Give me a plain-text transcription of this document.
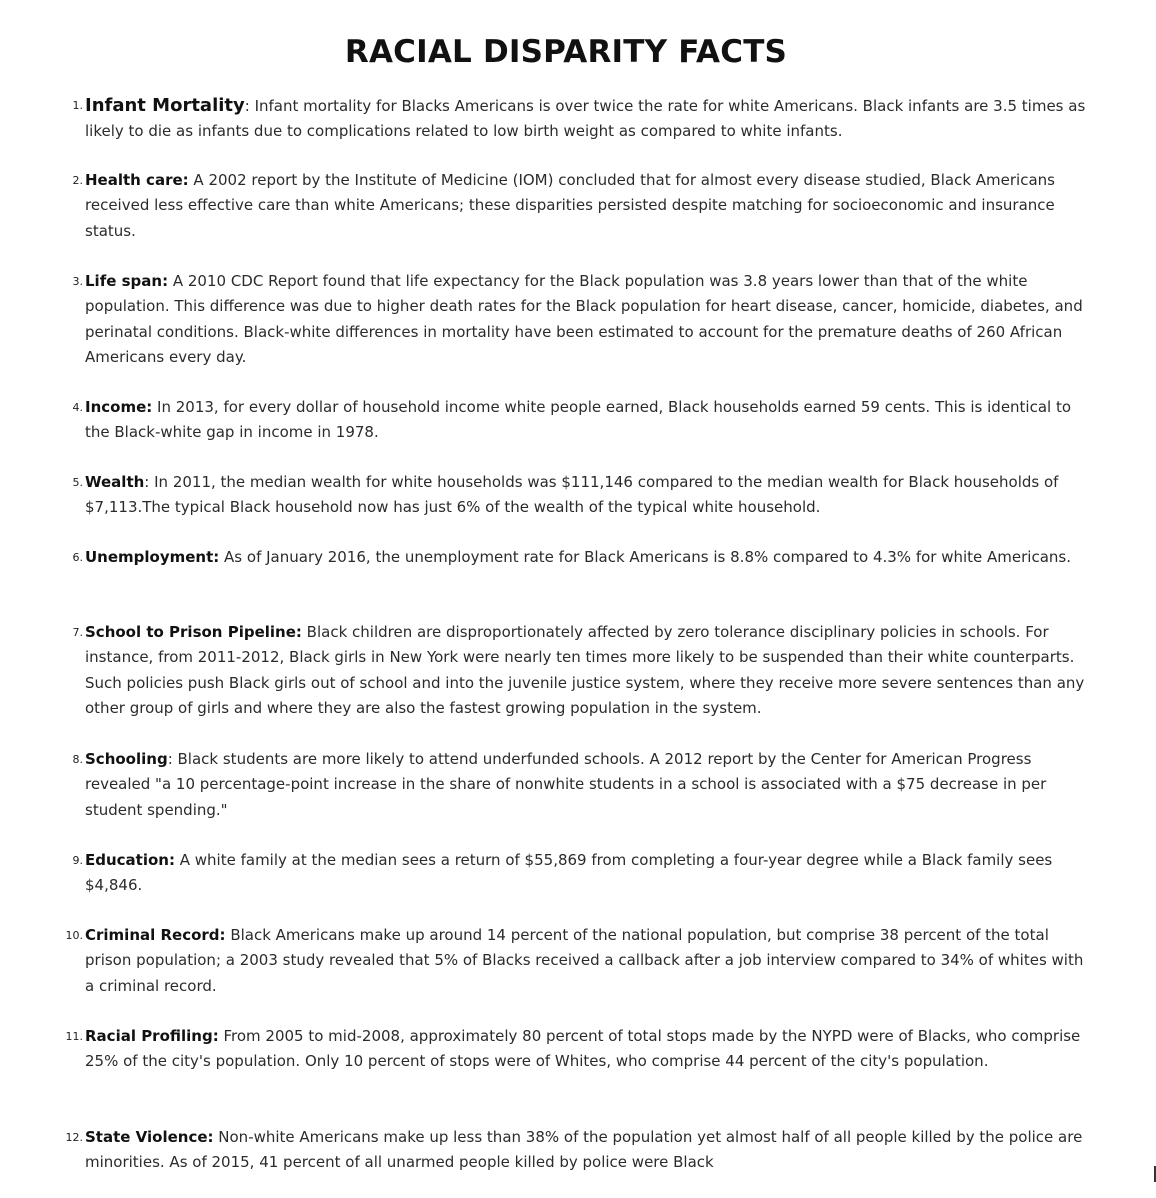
RACIAL DISPARITY FACTS
1. Infant Mortality: Infant mortality for Blacks Americans is over twice the rate for white Americans. Black infants are 3.5 times as likely to die as infants due to complications related to low birth weight as compared to white infants.
2. Health care: A 2002 report by the Institute of Medicine (IOM) concluded that for almost every disease studied, Black Americans received less effective care than white Americans; these disparities persisted despite matching for socioeconomic and insurance status.
3. Life span: A 2010 CDC Report found that life expectancy for the Black population was 3.8 years lower than that of the white population. This difference was due to higher death rates for the Black population for heart disease, cancer, homicide, diabetes, and perinatal conditions. Black-white differences in mortality have been estimated to account for the premature deaths of 260 African Americans every day.
4. Income: In 2013, for every dollar of household income white people earned, Black households earned 59 cents. This is identical to the Black-white gap in income in 1978.
5. Wealth: In 2011, the median wealth for white households was $111,146 compared to the median wealth for Black households of $7,113.The typical Black household now has just 6% of the wealth of the typical white household.
6. Unemployment: As of January 2016, the unemployment rate for Black Americans is 8.8% compared to 4.3% for white Americans.
7. School to Prison Pipeline: Black children are disproportionately affected by zero tolerance disciplinary policies in schools. For instance, from 2011-2012, Black girls in New York were nearly ten times more likely to be suspended than their white counterparts. Such policies push Black girls out of school and into the juvenile justice system, where they receive more severe sentences than any other group of girls and where they are also the fastest growing population in the system.
8. Schooling: Black students are more likely to attend underfunded schools. A 2012 report by the Center for American Progress revealed "a 10 percentage-point increase in the share of nonwhite students in a school is associated with a $75 decrease in per student spending."
9. Education: A white family at the median sees a return of $55,869 from completing a four-year degree while a Black family sees $4,846.
10. Criminal Record: Black Americans make up around 14 percent of the national population, but comprise 38 percent of the total prison population; a 2003 study revealed that 5% of Blacks received a callback after a job interview compared to 34% of whites with a criminal record.
11. Racial Profiling: From 2005 to mid-2008, approximately 80 percent of total stops made by the NYPD were of Blacks, who comprise 25% of the city's population. Only 10 percent of stops were of Whites, who comprise 44 percent of the city's population.
12. State Violence: Non-white Americans make up less than 38% of the population yet almost half of all people killed by the police are minorities. As of 2015, 41 percent of all unarmed people killed by police were Black
